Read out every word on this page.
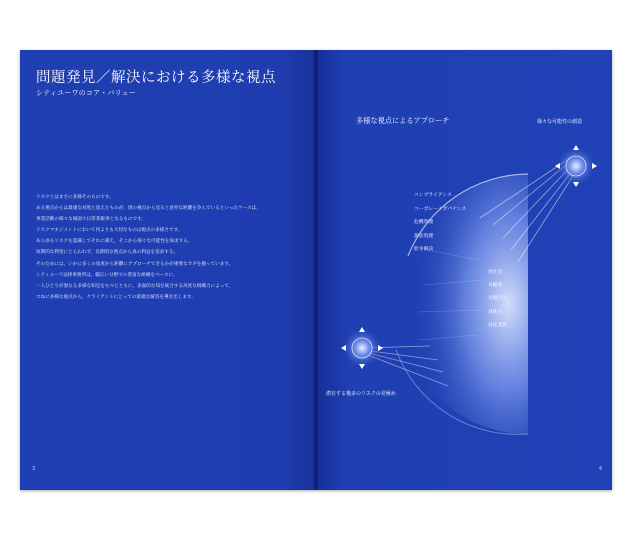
問題発見／解決における多様な視点
シティユーワのコア・バリュー
リスクとはまさに多様そのものです。
ある視点からは最適な対処と思えたものが，別の視点から見ると意外な距離を孕んでいるといったケースは，
事業活動の様々な場面で日常茶飯事となるものです。
リスクマネジメントにおいて何よりも大切なものは視点の多様さです。
あらゆるリスクを認識してそれに備え，そこから様々な可能性を探求する。
短期的な利害にとらわれず，長期的な視点から真の利益を追求する。
そのためには，いかに多くの角度から距離にアプローチできるかが重要なカギを握っています。
シティユーワ法律事務所は，幅広い分野での豊富な組織をベースに，
一人ひとりが異なる多様な知見をもつとともに，多面的な知を統合する高度な組織力によって，
つねに多様な視点から，クライアントにとっての最適な解答を導き出します。
3
多様な視点によるアプローチ	様々な可能性の創造
潜在する幾多のリスクの見極め
コンプライアンス
コーポレートガバナンス
危機管理
訴訟処理
紛争解決
対社会
対顧客
対競合先
対株主
対従業員
4
